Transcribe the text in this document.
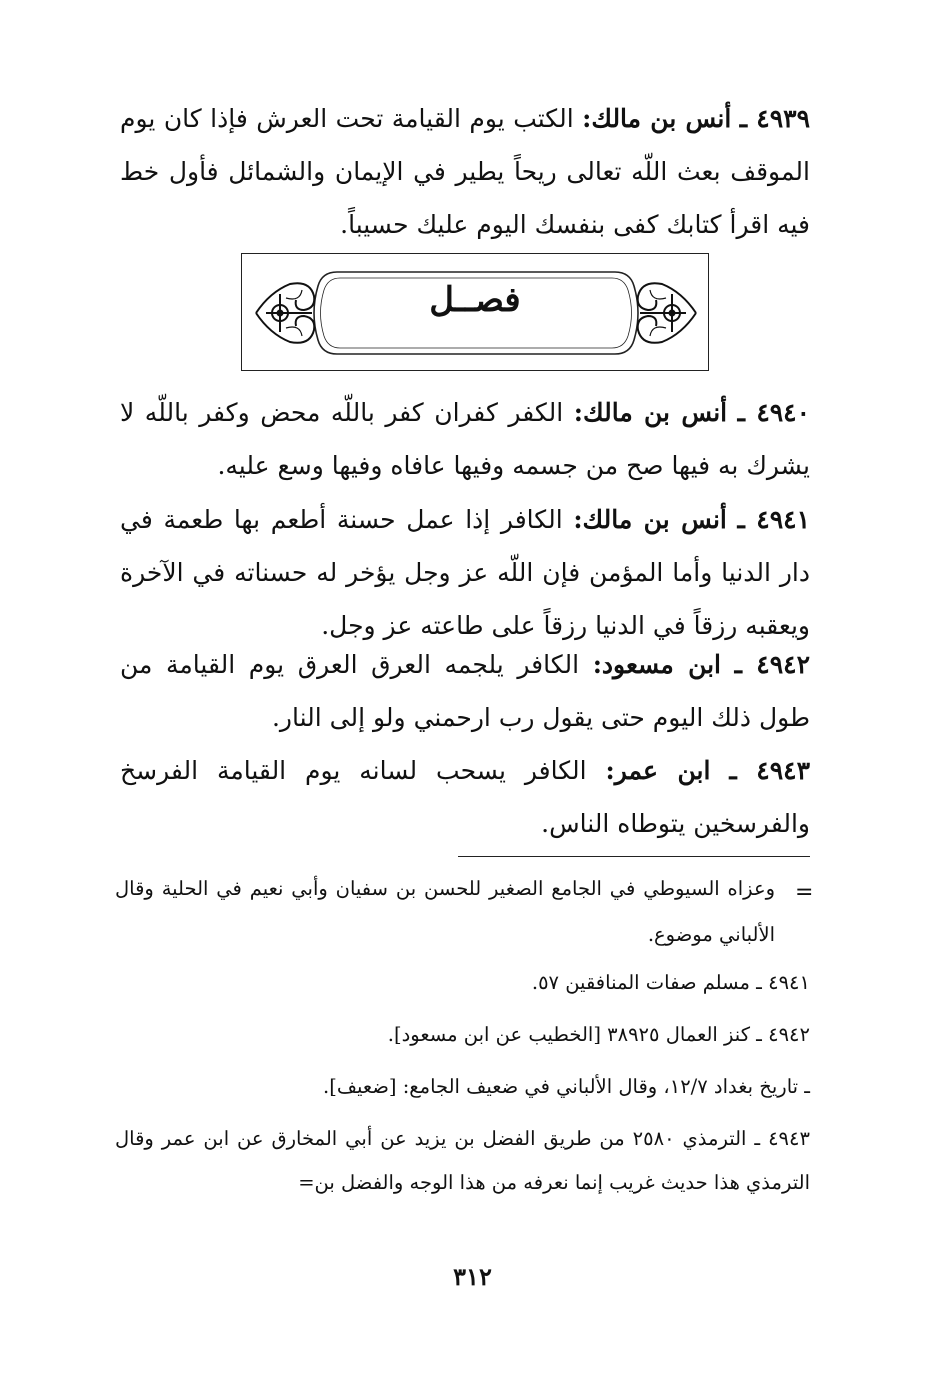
٤٩٣٩ ـ أنس بن مالك: الكتب يوم القيامة تحت العرش فإذا كان يوم الموقف بعث اللّه تعالى ريحاً يطير في الإيمان والشمائل فأول خط فيه اقرأ كتابك كفى بنفسك اليوم عليك حسيباً.

فصــل

٤٩٤٠ ـ أنس بن مالك: الكفر كفران كفر باللّه محض وكفر باللّه لا يشرك به فيها صح من جسمه وفيها عافاه وفيها وسع عليه.

٤٩٤١ ـ أنس بن مالك: الكافر إذا عمل حسنة أطعم بها طعمة في دار الدنيا وأما المؤمن فإن اللّه عز وجل يؤخر له حسناته في الآخرة ويعقبه رزقاً في الدنيا رزقاً على طاعته عز وجل.

٤٩٤٢ ـ ابن مسعود: الكافر يلجمه العرق العرق يوم القيامة من طول ذلك اليوم حتى يقول رب ارحمني ولو إلى النار.

٤٩٤٣ ـ ابن عمر: الكافر يسحب لسانه يوم القيامة الفرسخ والفرسخين يتوطاه الناس.

=

وعزاه السيوطي في الجامع الصغير للحسن بن سفيان وأبي نعيم في الحلية وقال الألباني موضوع.

٤٩٤١ ـ مسلم صفات المنافقين ٥٧.

٤٩٤٢ ـ كنز العمال ٣٨٩٢٥ [الخطيب عن ابن مسعود].

ـ تاريخ بغداد ١٢/٧، وقال الألباني في ضعيف الجامع: [ضعيف].

٤٩٤٣ ـ الترمذي ٢٥٨٠ من طريق الفضل بن يزيد عن أبي المخارق عن ابن عمر وقال الترمذي هذا حديث غريب إنما نعرفه من هذا الوجه والفضل بن=

٣١٢
